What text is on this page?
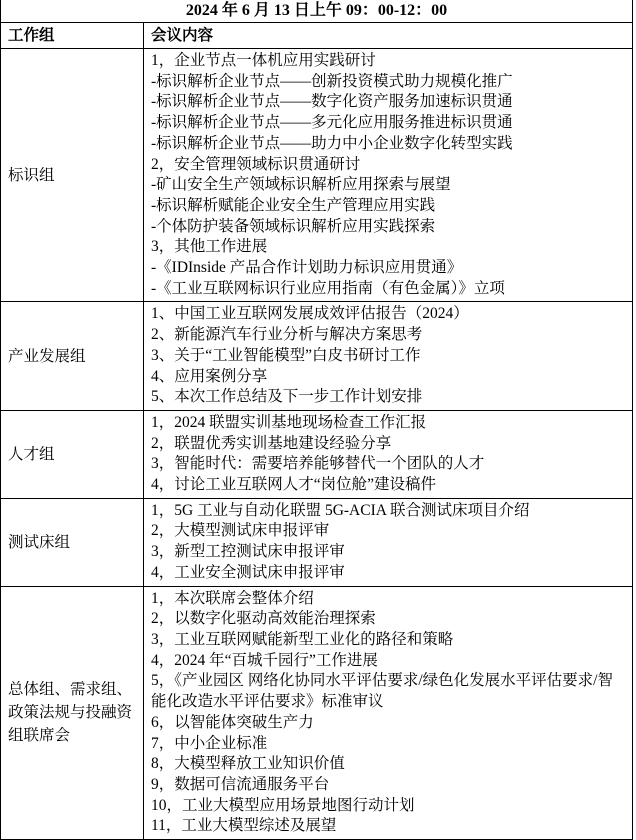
2024 年 6 月 13 日上午 09：00-12：00	
工作组	会议内容
标识组	
1，企业节点一体机应用实践研讨
-标识解析企业节点——创新投资模式助力规模化推广
-标识解析企业节点——数字化资产服务加速标识贯通
-标识解析企业节点——多元化应用服务推进标识贯通
-标识解析企业节点——助力中小企业数字化转型实践
2，安全管理领域标识贯通研讨
-矿山安全生产领域标识解析应用探索与展望
-标识解析赋能企业安全生产管理应用实践
-个体防护装备领域标识解析应用实践探索
3，其他工作进展
-《IDInside 产品合作计划助力标识应用贯通》
-《工业互联网标识行业应用指南（有色金属）》立项

产业发展组	1、中国工业互联网发展成效评估报告（2024）
2、新能源汽车行业分析与解决方案思考
3、关于“工业智能模型”白皮书研讨工作
4、应用案例分享
5、本次工作总结及下一步工作计划安排

人才组	1，2024 联盟实训基地现场检查工作汇报
2，联盟优秀实训基地建设经验分享
3，智能时代：需要培养能够替代一个团队的人才
4，讨论工业互联网人才“岗位舱”建设稿件

测试床组	1，5G 工业与自动化联盟 5G-ACIA 联合测试床项目介绍
2，大模型测试床申报评审
3，新型工控测试床申报评审
4，工业安全测试床申报评审

总体组、需求组、政策法规与投融资组联席会	
1，本次联席会整体介绍
2，以数字化驱动高效能治理探索
3，工业互联网赋能新型工业化的路径和策略
4，2024 年“百城千园行”工作进展
5，《产业园区 网络化协同水平评估要求/绿色化发展水平评估要求/智能化改造水平评估要求》标准审议
6，以智能体突破生产力
7，中小企业标准
8，大模型释放工业知识价值
9，数据可信流通服务平台
10，工业大模型应用场景地图行动计划
11，工业大模型综述及展望
